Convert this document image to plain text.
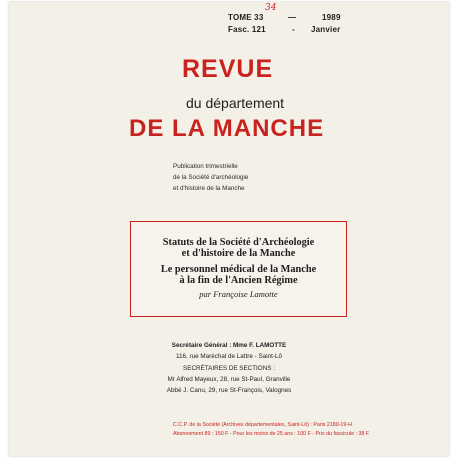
TOME 33
34
—	1989
Fasc. 121	- Janvier
REVUE
du département
DE LA MANCHE
Publication trimestrielle
de la Société d'archéologie
et d'histoire de la Manche
Statuts de la Société d'Archéologie
et d'histoire de la Manche
Le personnel médical de la Manche
à la fin de l'Ancien Régime
par Françoise Lamotte
Secrétaire Général : Mme F. LAMOTTE
116, rue Maréchal de Lattre - Saint-Lô
SECRÉTAIRES DE SECTIONS :
Mr Alfred Mayeux, 28, rue St-Paul, Granville
Abbé J. Canu, 29, rue St-François, Valognes
C.C.P. de la Société (Archives départementales, Saint-Lô) : Paris 2180-19-H
Abonnement 89 : 150 F - Pour les moins de 25 ans : 100 F - Prix du fascicule : 38 F
